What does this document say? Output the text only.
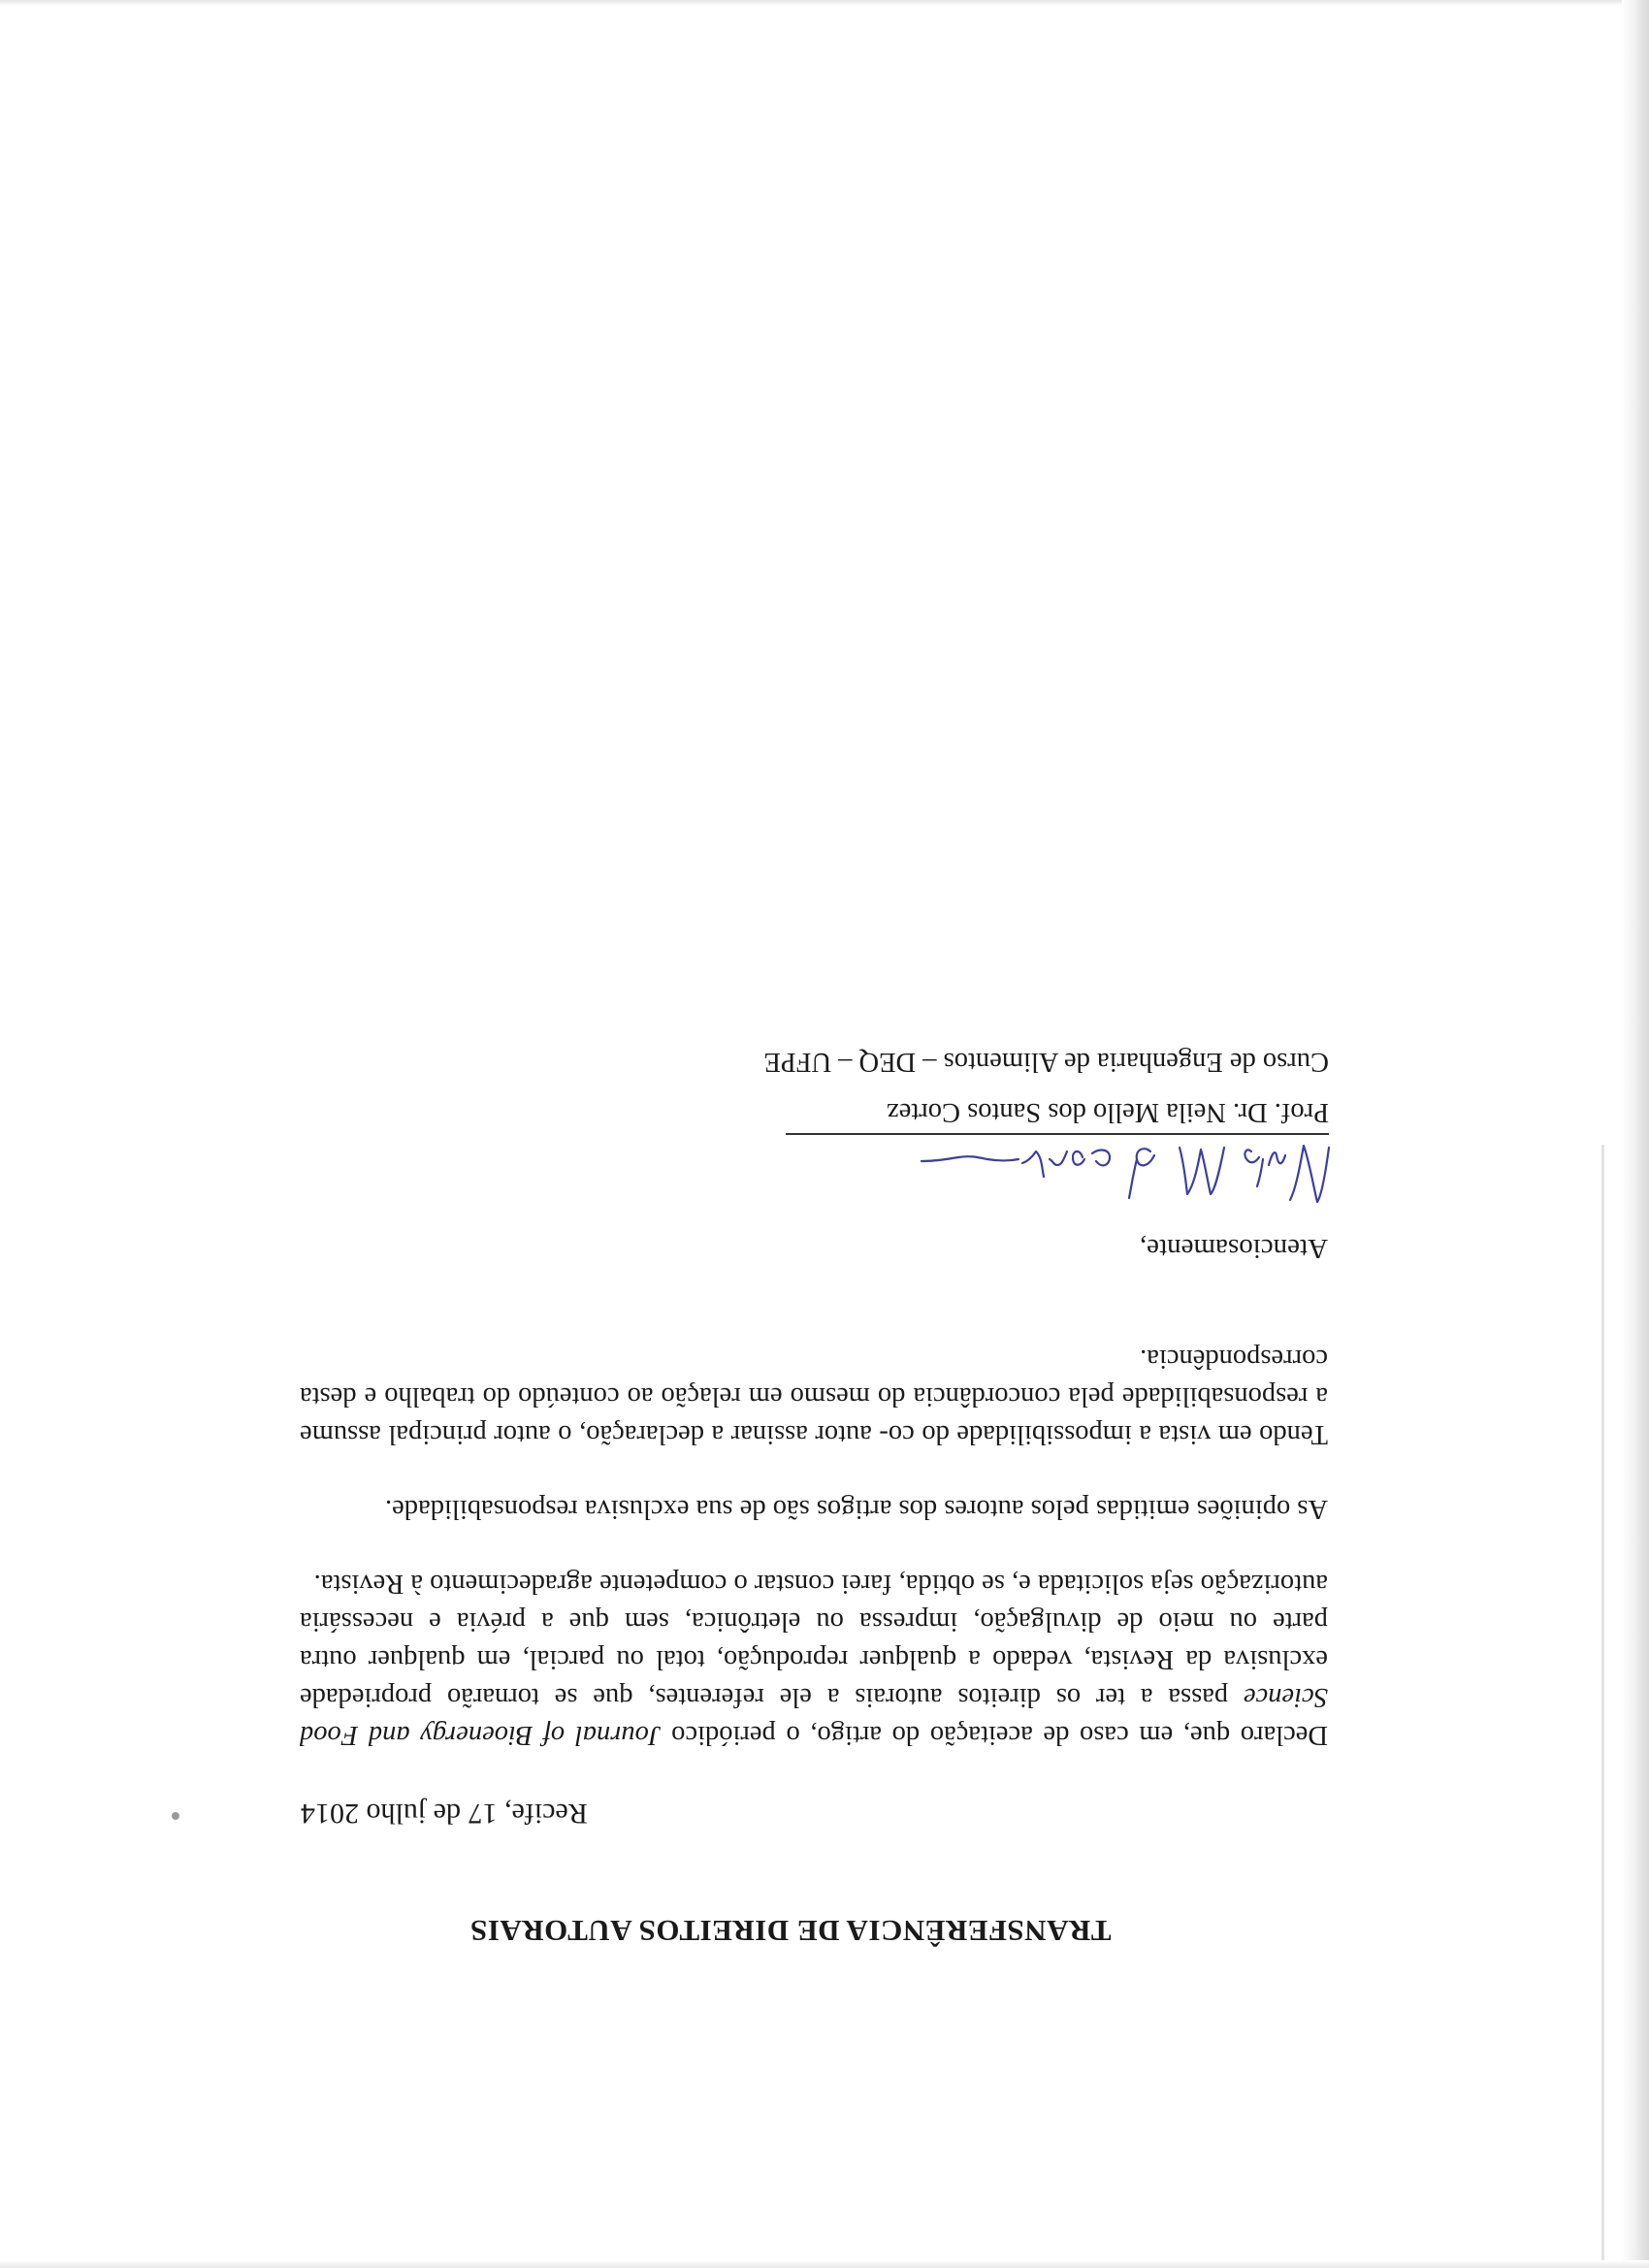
TRANSFERÊNCIA DE DIREITOS AUTORAIS
Recife, 17 de julho 2014

Declaro que, em caso de aceitação do artigo, o periódico Journal of Bioenergy and Food Science passa a ter os direitos autorais a ele referentes, que se tornarão propriedade exclusiva da Revista, vedado a qualquer reprodução, total ou parcial, em qualquer outra parte ou meio de divulgação, impressa ou eletrônica, sem que a prévia e necessária autorização seja solicitada e, se obtida, farei constar o competente agradecimento à Revista.

As opiniões emitidas pelos autores dos artigos são de sua exclusiva responsabilidade.

Tendo em vista a impossibilidade do co- autor assinar a declaração, o autor principal assume a responsabilidade pela concordância do mesmo em relação ao conteúdo do trabalho e desta correspondência.

Atenciosamente,
Prof. Dr. Neila Mello dos Santos Cortez
Curso de Engenharia de Alimentos – DEQ – UFPE
